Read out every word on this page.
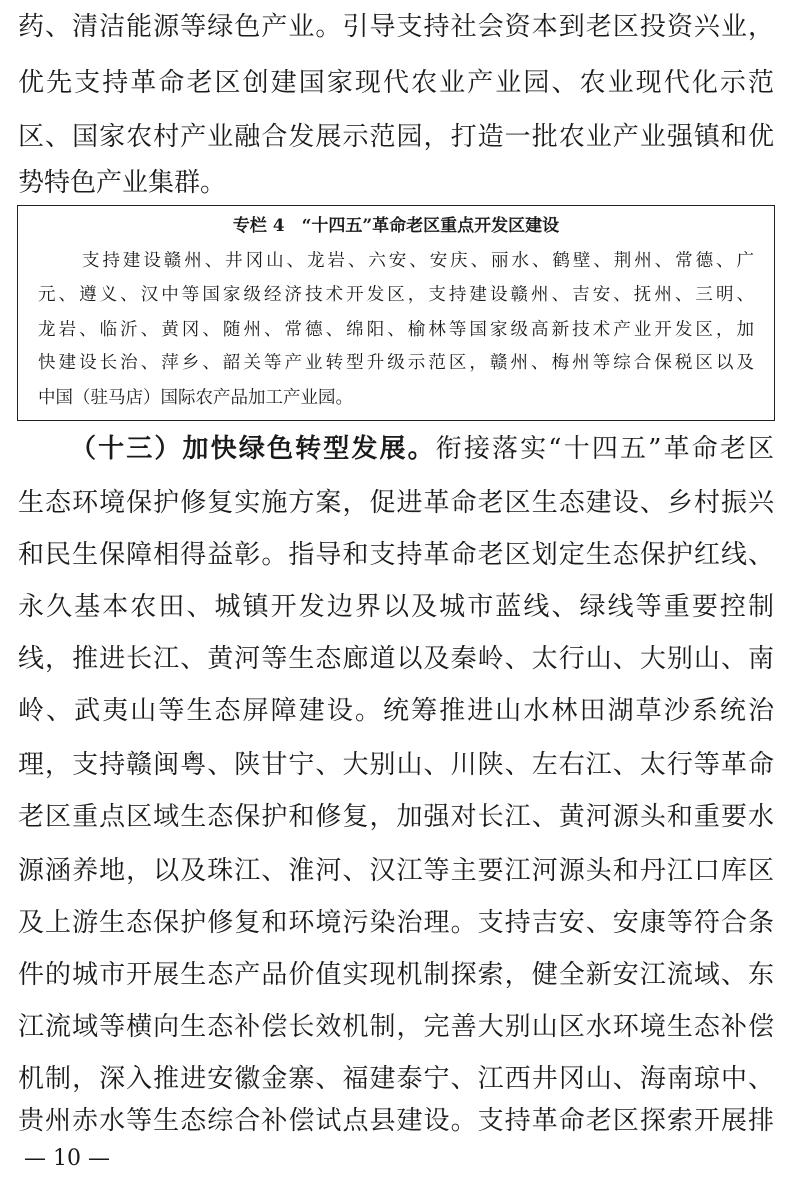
药、清洁能源等绿色产业。引导支持社会资本到老区投资兴业，
优先支持革命老区创建国家现代农业产业园、农业现代化示范
区、国家农村产业融合发展示范园，打造一批农业产业强镇和优
势特色产业集群。
专栏 4　“十四五”革命老区重点开发区建设
支持建设赣州、井冈山、龙岩、六安、安庆、丽水、鹤壁、荆州、常德、广
元、遵义、汉中等国家级经济技术开发区，支持建设赣州、吉安、抚州、三明、
龙岩、临沂、黄冈、随州、常德、绵阳、榆林等国家级高新技术产业开发区，加
快建设长治、萍乡、韶关等产业转型升级示范区，赣州、梅州等综合保税区以及
中国（驻马店）国际农产品加工产业园。
（十三）加快绿色转型发展。衔接落实“十四五”革命老区
生态环境保护修复实施方案，促进革命老区生态建设、乡村振兴
和民生保障相得益彰。指导和支持革命老区划定生态保护红线、
永久基本农田、城镇开发边界以及城市蓝线、绿线等重要控制
线，推进长江、黄河等生态廊道以及秦岭、太行山、大别山、南
岭、武夷山等生态屏障建设。统筹推进山水林田湖草沙系统治
理，支持赣闽粤、陕甘宁、大别山、川陕、左右江、太行等革命
老区重点区域生态保护和修复，加强对长江、黄河源头和重要水
源涵养地，以及珠江、淮河、汉江等主要江河源头和丹江口库区
及上游生态保护修复和环境污染治理。支持吉安、安康等符合条
件的城市开展生态产品价值实现机制探索，健全新安江流域、东
江流域等横向生态补偿长效机制，完善大别山区水环境生态补偿
机制，深入推进安徽金寨、福建泰宁、江西井冈山、海南琼中、
贵州赤水等生态综合补偿试点县建设。支持革命老区探索开展排
— 10 —
